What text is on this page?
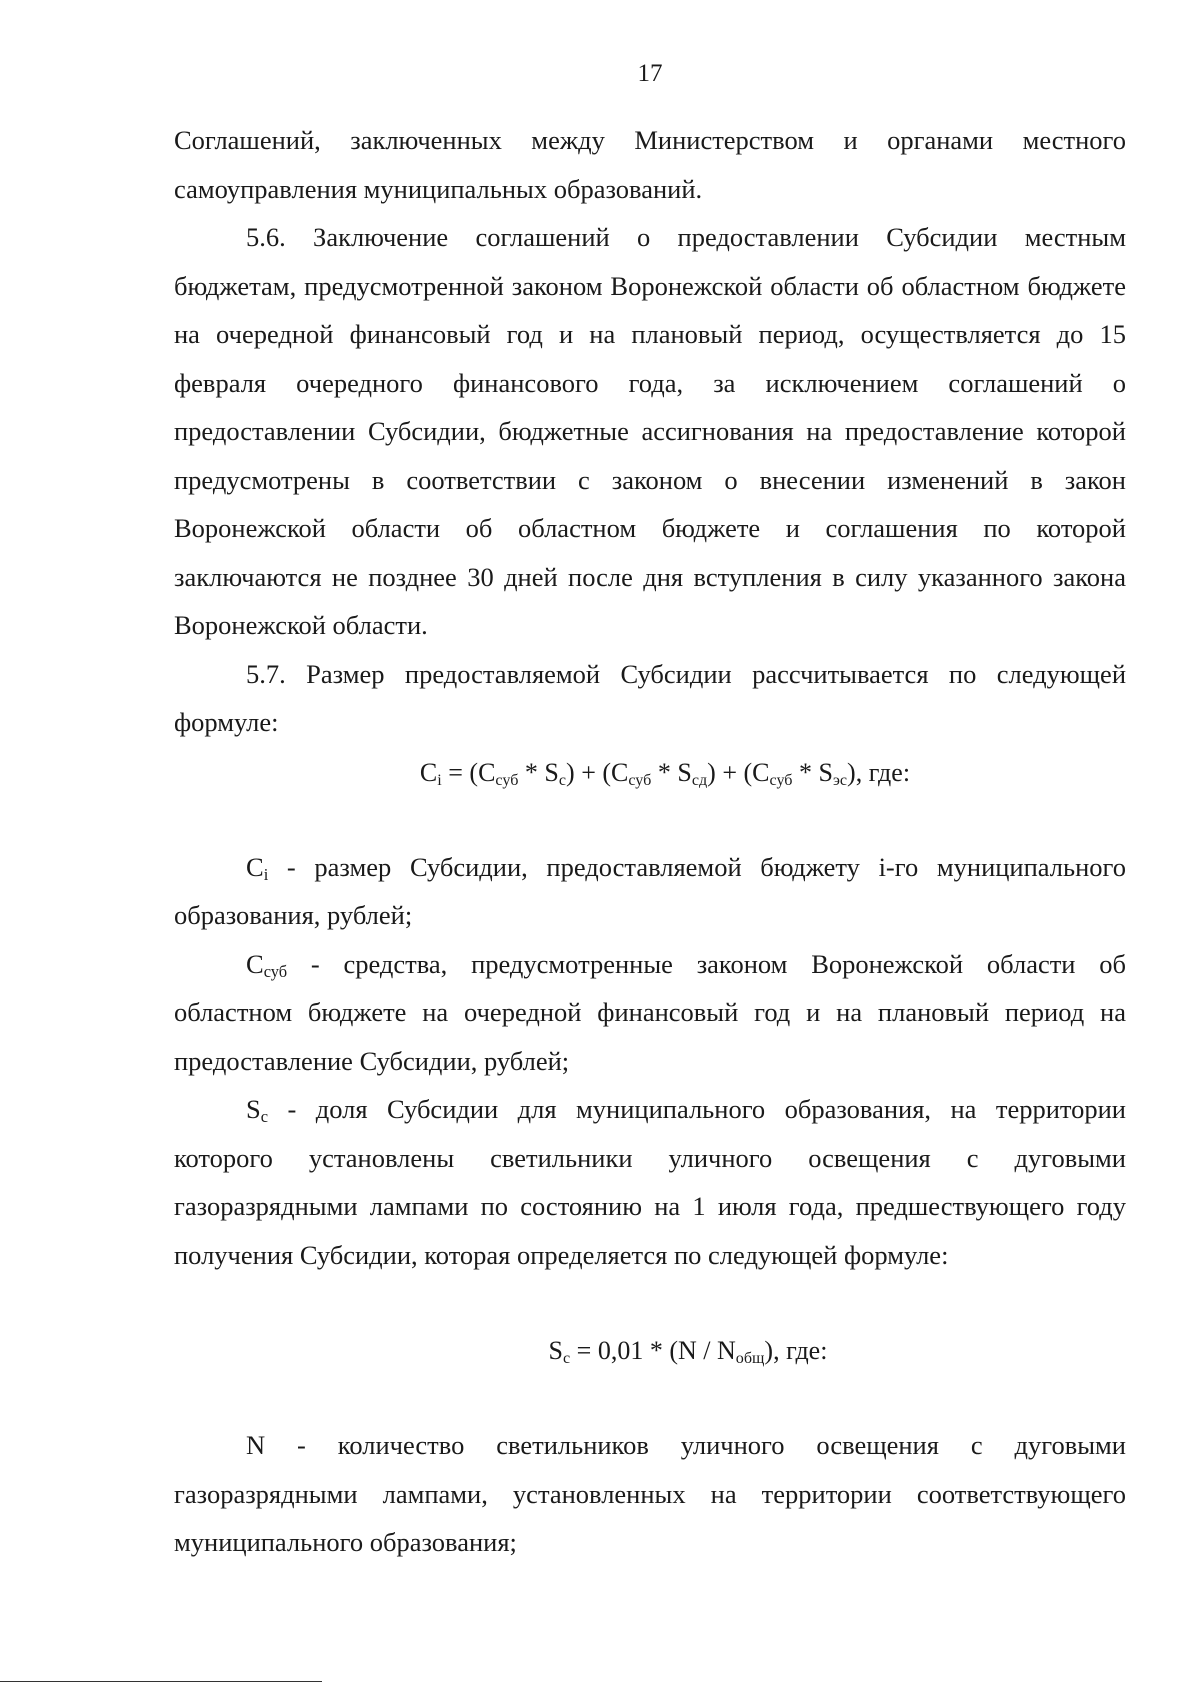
17

Соглашений, заключенных между Министерством и органами местного самоуправления муниципальных образований.

5.6. Заключение соглашений о предоставлении Субсидии местным бюджетам, предусмотренной законом Воронежской области об областном бюджете на очередной финансовый год и на плановый период, осуществляется до 15 февраля очередного финансового года, за исключением соглашений о предоставлении Субсидии, бюджетные ассигнования на предоставление которой предусмотрены в соответствии с законом о внесении изменений в закон Воронежской области об областном бюджете и соглашения по которой заключаются не позднее 30 дней после дня вступления в силу указанного закона Воронежской области.

5.7. Размер предоставляемой Субсидии рассчитывается по следующей формуле:

$C_i = (C_{суб} * S_с) + (C_{суб} * S_{сд}) + (C_{суб} * S_{эс})$, где:

$C_i$ - размер Субсидии, предоставляемой бюджету i-го муниципального образования, рублей;

$C_{суб}$ - средства, предусмотренные законом Воронежской области об областном бюджете на очередной финансовый год и на плановый период на предоставление Субсидии, рублей;

$S_с$ - доля Субсидии для муниципального образования, на территории которого установлены светильники уличного освещения с дуговыми газоразрядными лампами по состоянию на 1 июля года, предшествующего году получения Субсидии, которая определяется по следующей формуле:

$S_с = 0,01 * (N / N_{общ})$, где:

N - количество светильников уличного освещения с дуговыми газоразрядными лампами, установленных на территории соответствующего муниципального образования;
